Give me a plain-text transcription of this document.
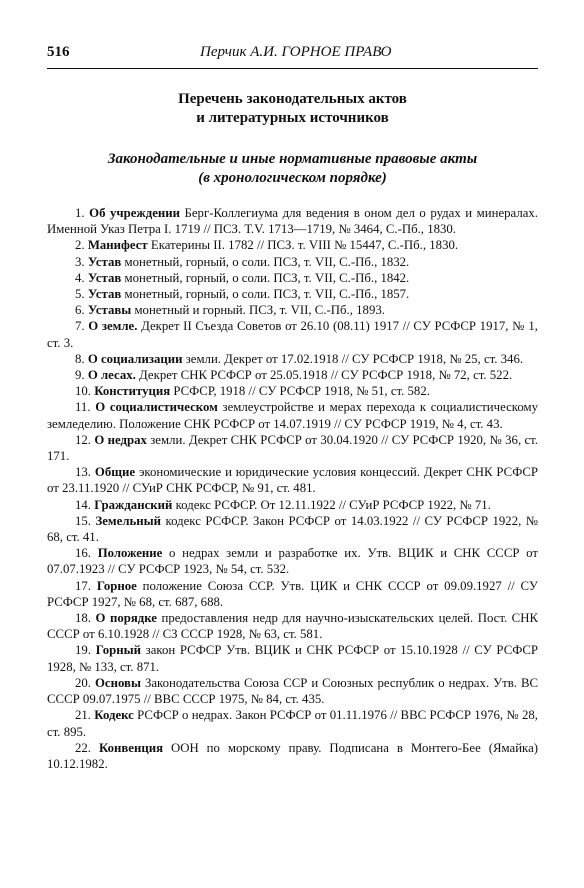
516	Перчик А.И. ГОРНОЕ ПРАВО
Перечень законодательных актов
и литературных источников
Законодательные и иные нормативные правовые акты
(в хронологическом порядке)

1. Об учреждении Берг-Коллегиума для ведения в оном дел о рудах и минералах. Именной Указ Петра I. 1719 // ПСЗ. Т.V. 1713—1719, № 3464, С.-Пб., 1830.

2. Манифест Екатерины II. 1782 // ПСЗ. т. VIII № 15447, С.-Пб., 1830.

3. Устав монетный, горный, о соли. ПСЗ, т. VII, С.-Пб., 1832.

4. Устав монетный, горный, о соли. ПСЗ, т. VII, С.-Пб., 1842.

5. Устав монетный, горный, о соли. ПСЗ, т. VII, С.-Пб., 1857.

6. Уставы монетный и горный. ПСЗ, т. VII, С.-Пб., 1893.

7. О земле. Декрет II Съезда Советов от 26.10 (08.11) 1917 // СУ РСФСР 1917, № 1, ст. 3.

8. О социализации земли. Декрет от 17.02.1918 // СУ РСФСР 1918, № 25, ст. 346.

9. О лесах. Декрет СНК РСФСР от 25.05.1918 // СУ РСФСР 1918, № 72, ст. 522.

10. Конституция РСФСР, 1918 // СУ РСФСР 1918, № 51, ст. 582.

11. О социалистическом землеустройстве и мерах перехода к социалистическому земледелию. Положение СНК РСФСР от 14.07.1919 // СУ РСФСР 1919, № 4, ст. 43.

12. О недрах земли. Декрет СНК РСФСР от 30.04.1920 // СУ РСФСР 1920, № 36, ст. 171.

13. Общие экономические и юридические условия концессий. Декрет СНК РСФСР от 23.11.1920 // СУиР СНК РСФСР, № 91, ст. 481.

14. Гражданский кодекс РСФСР. От 12.11.1922 // СУиР РСФСР 1922, № 71.

15. Земельный кодекс РСФСР. Закон РСФСР от 14.03.1922 // СУ РСФСР 1922, № 68, ст. 41.

16. Положение о недрах земли и разработке их. Утв. ВЦИК и СНК СССР от 07.07.1923 // СУ РСФСР 1923, № 54, ст. 532.

17. Горное положение Союза ССР. Утв. ЦИК и СНК СССР от 09.09.1927 // СУ РСФСР 1927, № 68, ст. 687, 688.

18. О порядке предоставления недр для научно-изыскательских целей. Пост. СНК СССР от 6.10.1928 // СЗ СССР 1928, № 63, ст. 581.

19. Горный закон РСФСР Утв. ВЦИК и СНК РСФСР от 15.10.1928 // СУ РСФСР 1928, № 133, ст. 871.

20. Основы Законодательства Союза ССР и Союзных республик о недрах. Утв. ВС СССР 09.07.1975 // ВВС СССР 1975, № 84, ст. 435.

21. Кодекс РСФСР о недрах. Закон РСФСР от 01.11.1976 // ВВС РСФСР 1976, № 28, ст. 895.

22. Конвенция ООН по морскому праву. Подписана в Монтего-Бее (Ямайка) 10.12.1982.
